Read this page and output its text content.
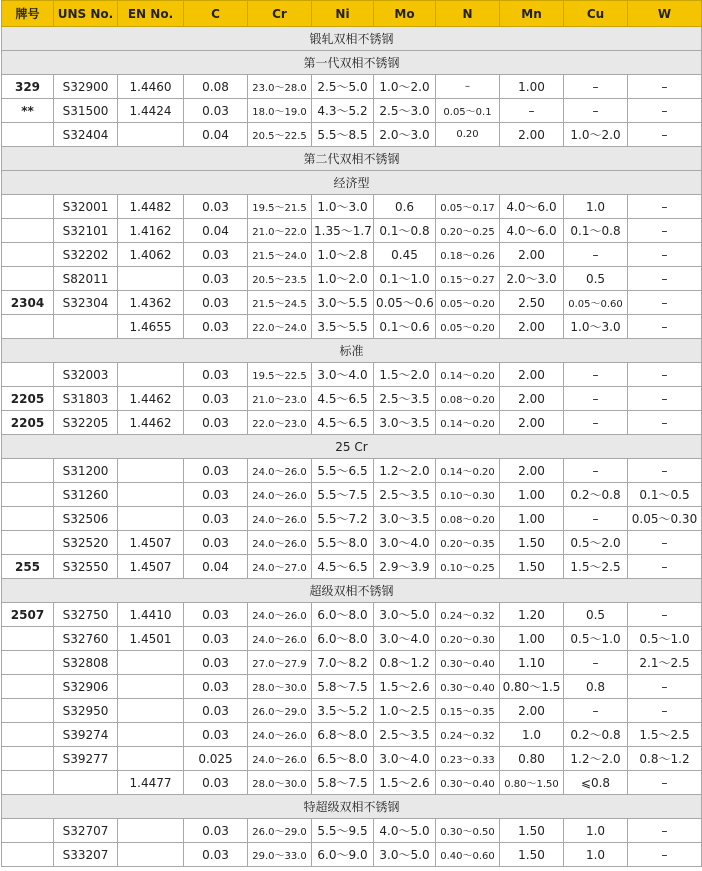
牌号	UNS No.	EN No.	C	Cr	Ni	Mo	N	Mn	Cu	W
锻轧双相不锈钢										
第一代双相不锈钢										
329	S32900	1.4460	0.08	23.0～28.0	2.5～5.0	1.0～2.0	–	1.00	–	–
**	S31500	1.4424	0.03	18.0～19.0	4.3～5.2	2.5～3.0	0.05～0.1	–	–	–
	S32404		0.04	20.5～22.5	5.5～8.5	2.0～3.0	0.20	2.00	1.0～2.0	–
第二代双相不锈钢										
经济型										
	S32001	1.4482	0.03	19.5～21.5	1.0～3.0	0.6	0.05～0.17	4.0～6.0	1.0	–
	S32101	1.4162	0.04	21.0～22.0	1.35～1.7	0.1～0.8	0.20～0.25	4.0～6.0	0.1～0.8	–
	S32202	1.4062	0.03	21.5～24.0	1.0～2.8	0.45	0.18～0.26	2.00	–	–
	S82011		0.03	20.5～23.5	1.0～2.0	0.1～1.0	0.15～0.27	2.0～3.0	0.5	–
2304	S32304	1.4362	0.03	21.5～24.5	3.0～5.5	0.05～0.6	0.05～0.20	2.50	0.05～0.60	–
		1.4655	0.03	22.0～24.0	3.5～5.5	0.1～0.6	0.05～0.20	2.00	1.0～3.0	–
标准										
	S32003		0.03	19.5～22.5	3.0～4.0	1.5～2.0	0.14～0.20	2.00	–	–
2205	S31803	1.4462	0.03	21.0～23.0	4.5～6.5	2.5～3.5	0.08～0.20	2.00	–	–
2205	S32205	1.4462	0.03	22.0～23.0	4.5～6.5	3.0～3.5	0.14～0.20	2.00	–	–
25 Cr										
	S31200		0.03	24.0～26.0	5.5～6.5	1.2～2.0	0.14～0.20	2.00	–	–
	S31260		0.03	24.0～26.0	5.5～7.5	2.5～3.5	0.10～0.30	1.00	0.2～0.8	0.1～0.5
	S32506		0.03	24.0～26.0	5.5～7.2	3.0～3.5	0.08～0.20	1.00	–	0.05～0.30
	S32520	1.4507	0.03	24.0～26.0	5.5～8.0	3.0～4.0	0.20～0.35	1.50	0.5～2.0	–
255	S32550	1.4507	0.04	24.0～27.0	4.5～6.5	2.9～3.9	0.10～0.25	1.50	1.5～2.5	–
超级双相不锈钢										
2507	S32750	1.4410	0.03	24.0～26.0	6.0～8.0	3.0～5.0	0.24～0.32	1.20	0.5	–
	S32760	1.4501	0.03	24.0～26.0	6.0～8.0	3.0～4.0	0.20～0.30	1.00	0.5～1.0	0.5～1.0
	S32808		0.03	27.0～27.9	7.0～8.2	0.8～1.2	0.30～0.40	1.10	–	2.1～2.5
	S32906		0.03	28.0～30.0	5.8～7.5	1.5～2.6	0.30～0.40	0.80～1.5	0.8	–
	S32950		0.03	26.0～29.0	3.5～5.2	1.0～2.5	0.15～0.35	2.00	–	–
	S39274		0.03	24.0～26.0	6.8～8.0	2.5～3.5	0.24～0.32	1.0	0.2～0.8	1.5～2.5
	S39277		0.025	24.0～26.0	6.5～8.0	3.0～4.0	0.23～0.33	0.80	1.2～2.0	0.8～1.2
		1.4477	0.03	28.0～30.0	5.8～7.5	1.5～2.6	0.30～0.40	0.80～1.50	⩽0.8	–
特超级双相不锈钢										
	S32707		0.03	26.0～29.0	5.5～9.5	4.0～5.0	0.30～0.50	1.50	1.0	–
	S33207		0.03	29.0～33.0	6.0～9.0	3.0～5.0	0.40～0.60	1.50	1.0	–
